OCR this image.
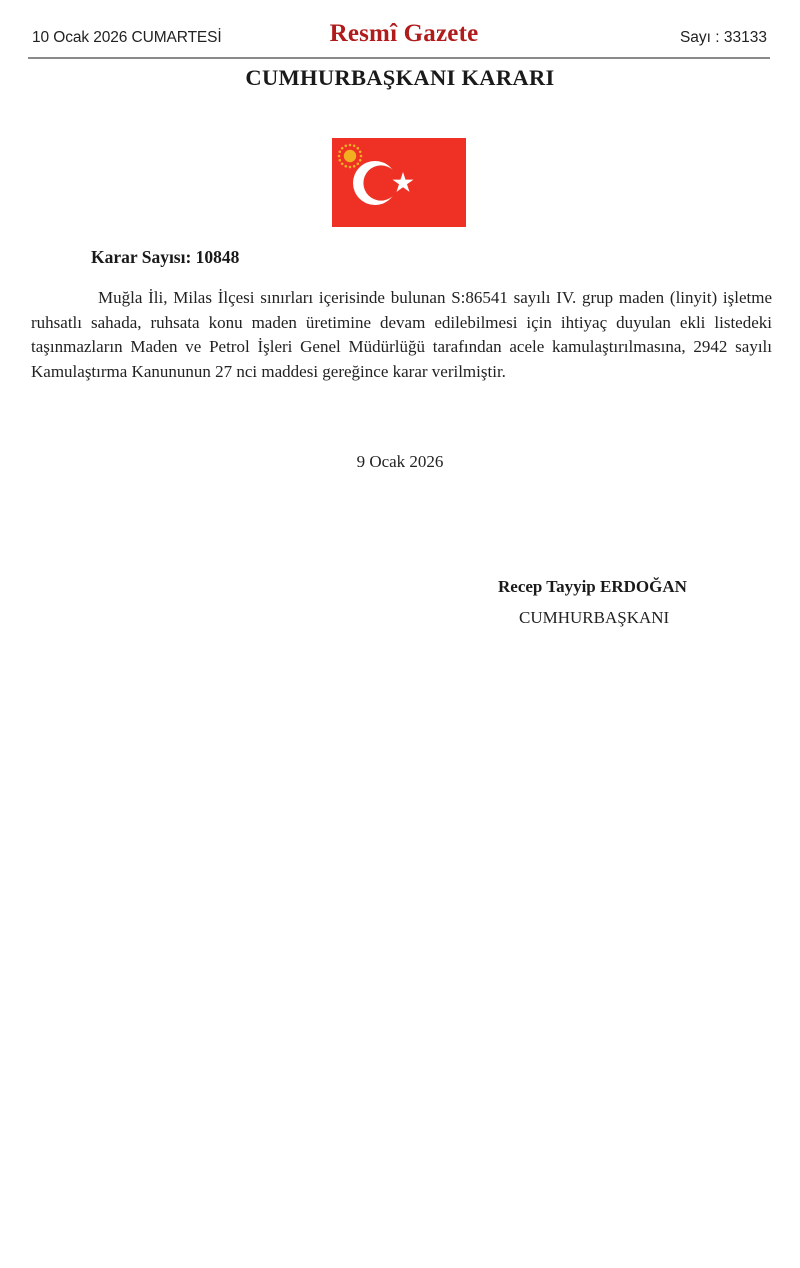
10 Ocak 2026 CUMARTESİ	Resmî Gazete	Sayı : 33133
CUMHURBAŞKANI KARARI
Karar Sayısı: 10848

Muğla İli, Milas İlçesi sınırları içerisinde bulunan S:86541 sayılı IV. grup maden (linyit) işletme ruhsatlı sahada, ruhsata konu maden üretimine devam edilebilmesi için ihtiyaç duyulan ekli listedeki taşınmazların Maden ve Petrol İşleri Genel Müdürlüğü tarafından acele kamulaştırılmasına, 2942 sayılı Kamulaştırma Kanununun 27 nci maddesi gereğince karar verilmiştir.

9 Ocak 2026
Recep Tayyip ERDOĞAN
CUMHURBAŞKANI
